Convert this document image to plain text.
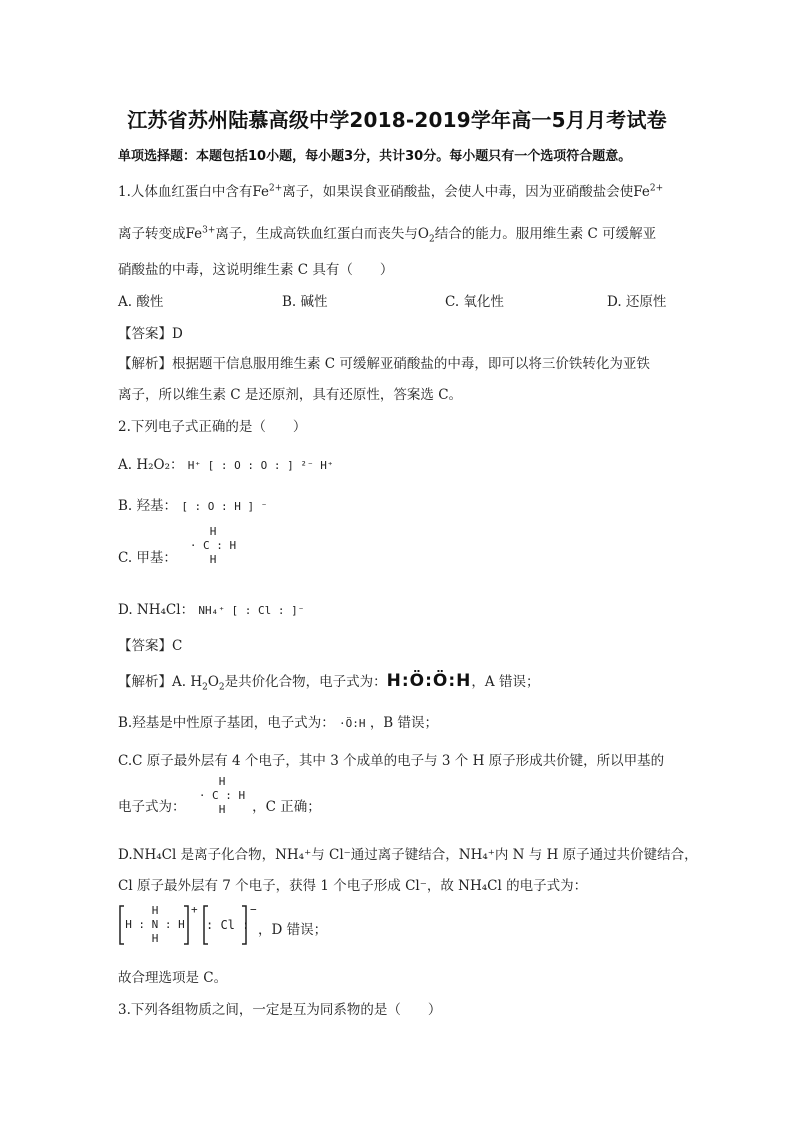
江苏省苏州陆慕高级中学2018-2019学年高一5月月考试卷
单项选择题：本题包括10小题，每小题3分，共计30分。每小题只有一个选项符合题意。
1.人体血红蛋白中含有$Fe^{2+}$离子，如果误食亚硝酸盐，会使人中毒，因为亚硝酸盐会使$Fe^{2+}$
离子转变成$Fe^{3+}$离子，生成高铁血红蛋白而丧失与$O_2$结合的能力。服用维生素 C 可缓解亚
硝酸盐的中毒，这说明维生素 C 具有（　　）
A. 酸性	B. 碱性	C. 氧化性	D. 还原性
【答案】D
【解析】根据题干信息服用维生素 C 可缓解亚硝酸盐的中毒，即可以将三价铁转化为亚铁
离子，所以维生素 C 是还原剂，具有还原性，答案选 C。
2.下列电子式正确的是（　　）
A. H₂O₂： H⁺ [ : O : O : ] ²⁻ H⁺
B. 羟基： [ : O : H ] ⁻
C. 甲基：
H
· C : H
H
D. NH₄Cl： NH₄⁺ [ : Cl : ]⁻
【答案】C
【解析】A. $H_2O_2$是共价化合物，电子式为：H:Ö:Ö:H，A 错误；
B.羟基是中性原子基团，电子式为： ·Ö:H ，B 错误；
C.C 原子最外层有 4 个电子，其中 3 个成单的电子与 3 个 H 原子形成共价键，所以甲基的
电子式为：	，C 正确；
H
· C : H
H
D.NH₄Cl 是离子化合物，NH₄⁺与 Cl⁻通过离子键结合，NH₄⁺内 N 与 H 原子通过共价键结合，
Cl 原子最外层有 7 个电子，获得 1 个电子形成 Cl⁻，故 NH₄Cl 的电子式为：
H
H : N : H
H
+
: Cl :
−
，D 错误；
故合理选项是 C。
3.下列各组物质之间，一定是互为同系物的是（　　）
